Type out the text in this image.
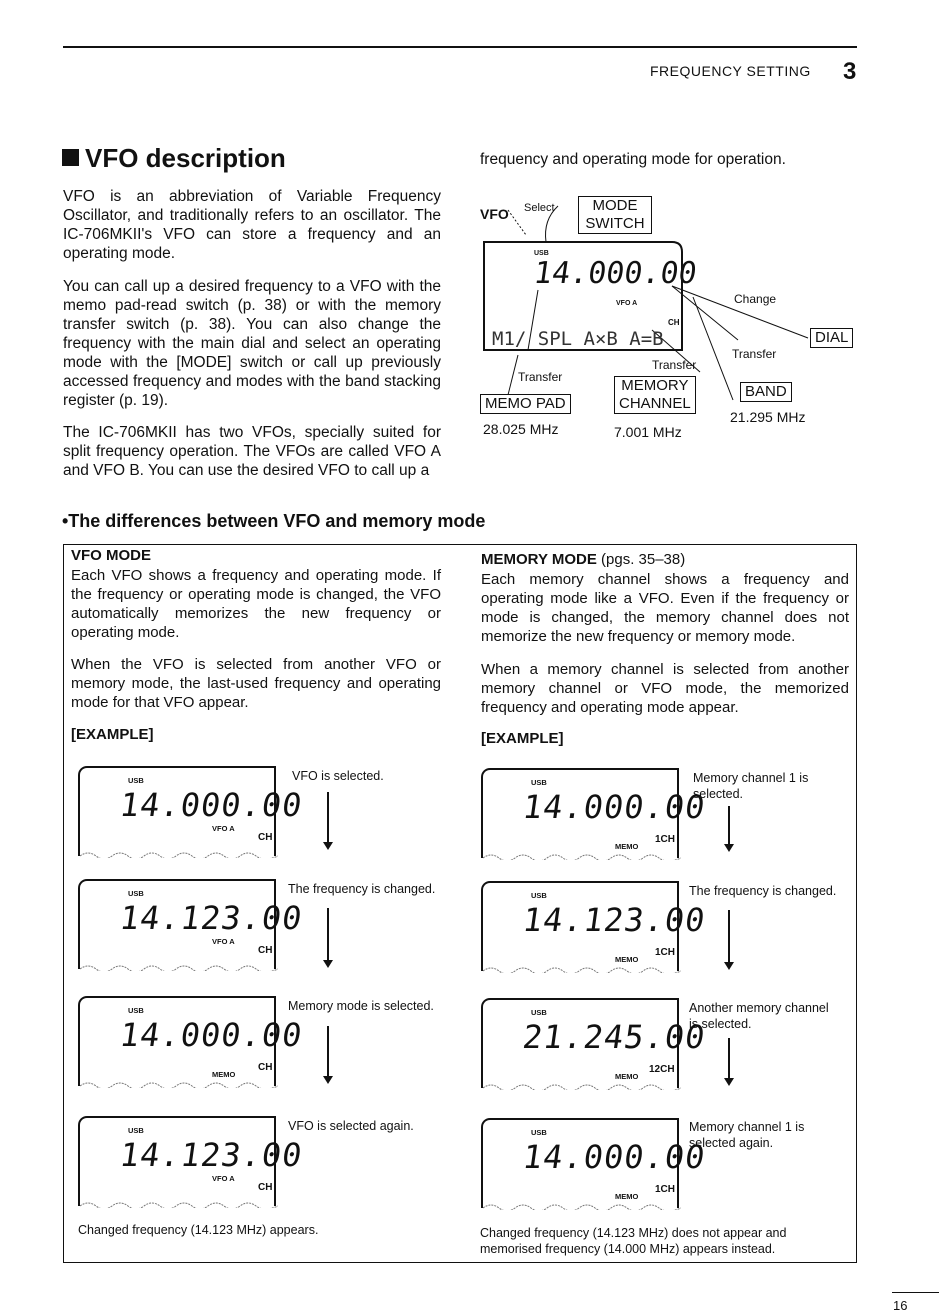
FREQUENCY SETTING 3
VFO description
VFO is an abbreviation of Variable Frequency Oscillator, and traditionally refers to an oscillator. The IC-706MKII's VFO can store a frequency and an operating mode.
You can call up a desired frequency to a VFO with the memo pad-read switch (p. 38) or with the memory transfer switch (p. 38). You can also change the frequency with the main dial and select an operating mode with the [MODE] switch or call up previously accessed frequency and modes with the band stacking register (p. 19).
The IC-706MKII has two VFOs, specially suited for split frequency operation. The VFOs are called VFO A and VFO B. You can use the desired VFO to call up a
frequency and operating mode for operation.
VFO Select	MODE
SWITCH
USB
14.000.00
VFO A
CH
M1/ SPL A×B A=B
Change
DIAL
Transfer
Transfer
Transfer
MEMO PAD
MEMORY
CHANNEL
BAND
28.025 MHz	7.001 MHz
21.295 MHz
•The differences between VFO and memory mode
VFO MODE
Each VFO shows a frequency and operating mode. If the frequency or operating mode is changed, the VFO automatically memorizes the new frequency or operating mode.
When the VFO is selected from another VFO or memory mode, the last-used frequency and operating mode for that VFO appear.
[EXAMPLE]
USB
14.000.00
VFO A
CH
VFO is selected.
USB
14.123.00
VFO A
CH
The frequency is changed.
USB
14.000.00
MEMO
CH
Memory mode is selected.
USB
14.123.00
VFO A
CH
VFO is selected again.
Changed frequency (14.123 MHz) appears.
MEMORY MODE (pgs. 35–38)
Each memory channel shows a frequency and operating mode like a VFO. Even if the frequency or mode is changed, the memory channel does not memorize the new frequency or memory mode.
When a memory channel is selected from another memory channel or VFO mode, the memorized frequency and operating mode appear.
[EXAMPLE]
USB
14.000.00
MEMO
1CH
Memory channel 1 is selected.
USB
14.123.00
MEMO
1CH
The frequency is changed.
USB
21.245.00
MEMO
12CH
Another memory channel is selected.
USB
14.000.00
MEMO
1CH
Memory channel 1 is selected again.
Changed frequency (14.123 MHz) does not appear and memorised frequency (14.000 MHz) appears instead.
16
